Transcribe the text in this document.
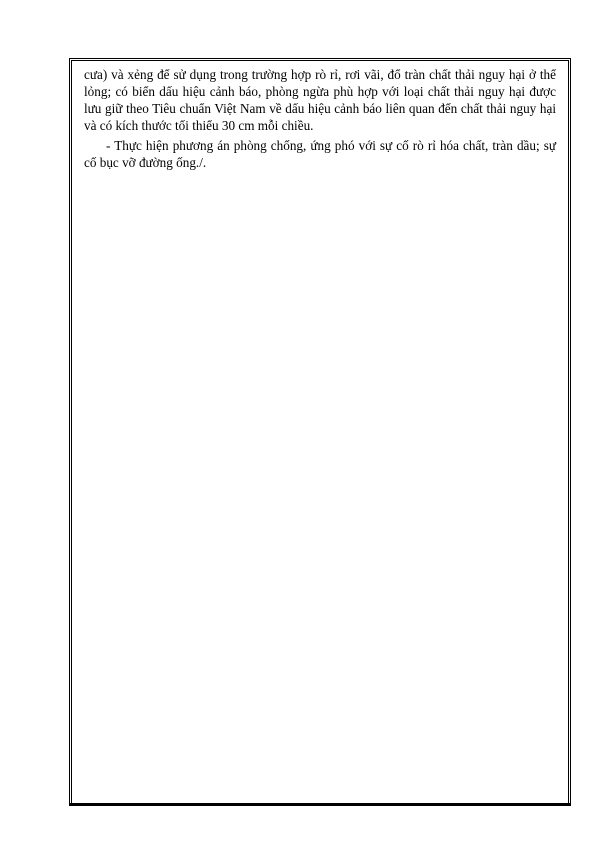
cưa) và xẻng để sử dụng trong trường hợp rò rỉ, rơi vãi, đổ tràn chất thải nguy hại ở thể lỏng; có biển dấu hiệu cảnh báo, phòng ngừa phù hợp với loại chất thải nguy hại được lưu giữ theo Tiêu chuẩn Việt Nam về dấu hiệu cảnh báo liên quan đến chất thải nguy hại và có kích thước tối thiểu 30 cm mỗi chiều.

- Thực hiện phương án phòng chống, ứng phó với sự cố rò rỉ hóa chất, tràn dầu; sự cố bục vỡ đường ống./.
